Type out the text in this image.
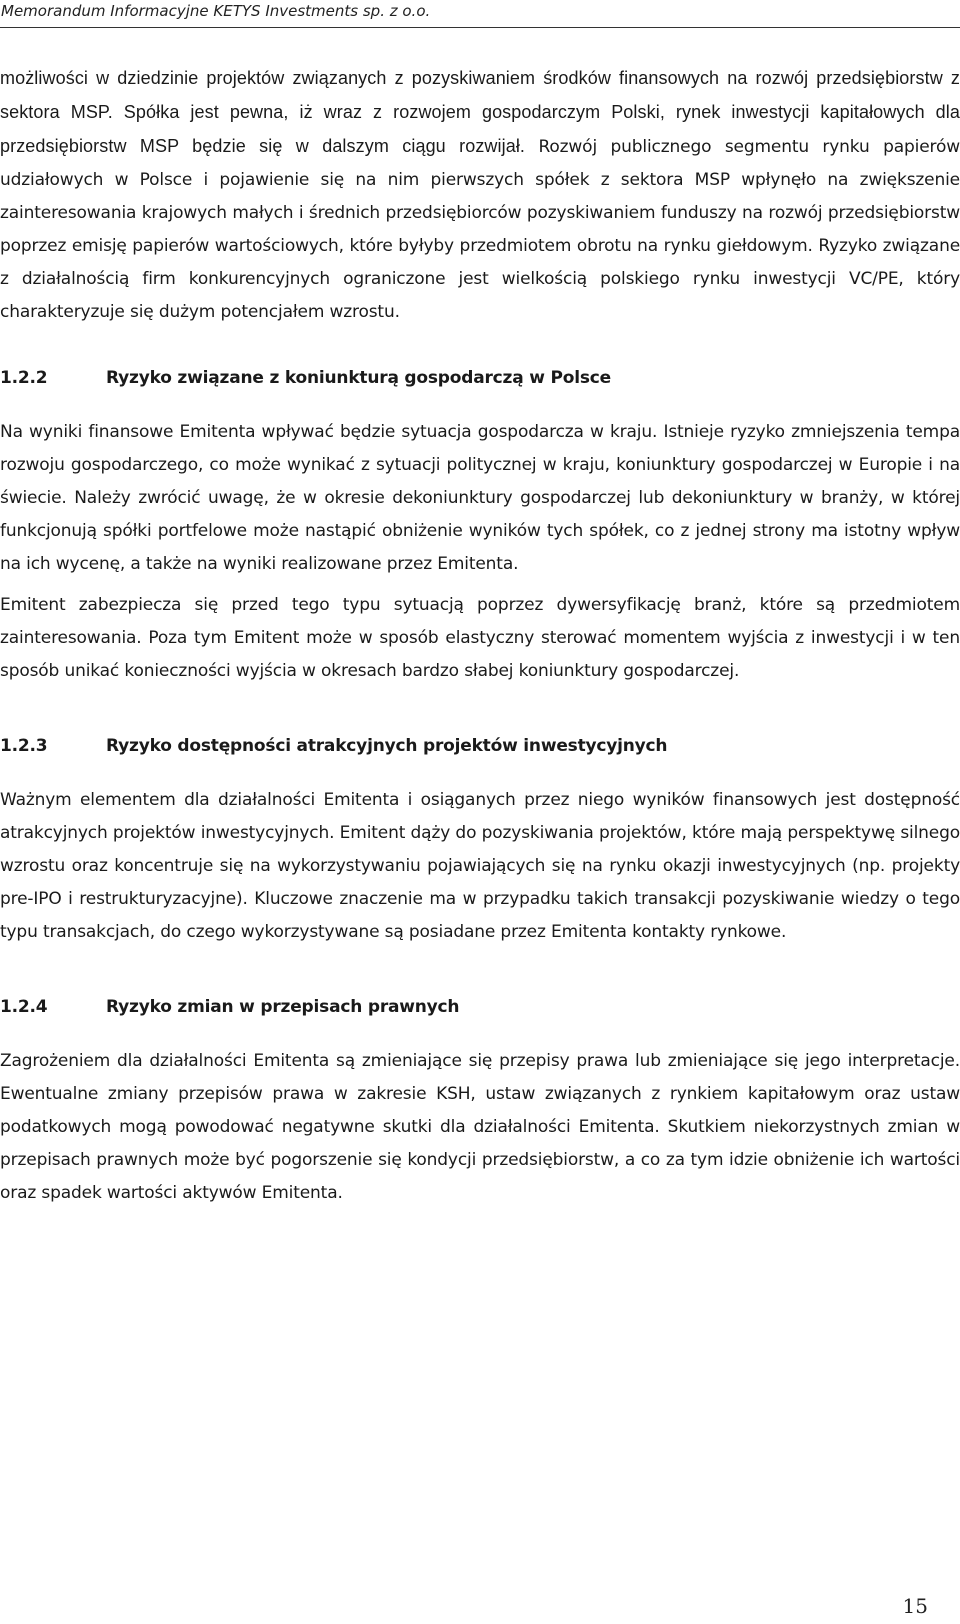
Memorandum Informacyjne KETYS Investments sp. z o.o.

możliwości w dziedzinie projektów związanych z pozyskiwaniem środków finansowych na rozwój przedsiębiorstw z sektora MSP. Spółka jest pewna, iż wraz z rozwojem gospodarczym Polski, rynek inwestycji kapitałowych dla przedsiębiorstw MSP będzie się w dalszym ciągu rozwijał. Rozwój publicznego segmentu rynku papierów udziałowych w Polsce i pojawienie się na nim pierwszych spółek z sektora MSP wpłynęło na zwiększenie zainteresowania krajowych małych i średnich przedsiębiorców pozyskiwaniem funduszy na rozwój przedsiębiorstw poprzez emisję papierów wartościowych, które byłyby przedmiotem obrotu na rynku giełdowym. Ryzyko związane z działalnością firm konkurencyjnych ograniczone jest wielkością polskiego rynku inwestycji VC/PE, który charakteryzuje się dużym potencjałem wzrostu.

1.2.2	Ryzyko związane z koniunkturą gospodarczą w Polsce

Na wyniki finansowe Emitenta wpływać będzie sytuacja gospodarcza w kraju. Istnieje ryzyko zmniejszenia tempa rozwoju gospodarczego, co może wynikać z sytuacji politycznej w kraju, koniunktury gospodarczej w Europie i na świecie. Należy zwrócić uwagę, że w okresie dekoniunktury gospodarczej lub dekoniunktury w branży, w której funkcjonują spółki portfelowe może nastąpić obniżenie wyników tych spółek, co z jednej strony ma istotny wpływ na ich wycenę, a także na wyniki realizowane przez Emitenta.

Emitent zabezpiecza się przed tego typu sytuacją poprzez dywersyfikację branż, które są przedmiotem zainteresowania. Poza tym Emitent może w sposób elastyczny sterować momentem wyjścia z inwestycji i w ten sposób unikać konieczności wyjścia w okresach bardzo słabej koniunktury gospodarczej.

1.2.3	Ryzyko dostępności atrakcyjnych projektów inwestycyjnych

Ważnym elementem dla działalności Emitenta i osiąganych przez niego wyników finansowych jest dostępność atrakcyjnych projektów inwestycyjnych. Emitent dąży do pozyskiwania projektów, które mają perspektywę silnego wzrostu oraz koncentruje się na wykorzystywaniu pojawiających się na rynku okazji inwestycyjnych (np. projekty pre-IPO i restrukturyzacyjne). Kluczowe znaczenie ma w przypadku takich transakcji pozyskiwanie wiedzy o tego typu transakcjach, do czego wykorzystywane są posiadane przez Emitenta kontakty rynkowe.

1.2.4	Ryzyko zmian w przepisach prawnych

Zagrożeniem dla działalności Emitenta są zmieniające się przepisy prawa lub zmieniające się jego interpretacje. Ewentualne zmiany przepisów prawa w zakresie KSH, ustaw związanych z rynkiem kapitałowym oraz ustaw podatkowych mogą powodować negatywne skutki dla działalności Emitenta. Skutkiem niekorzystnych zmian w przepisach prawnych może być pogorszenie się kondycji przedsiębiorstw, a co za tym idzie obniżenie ich wartości oraz spadek wartości aktywów Emitenta.

15
